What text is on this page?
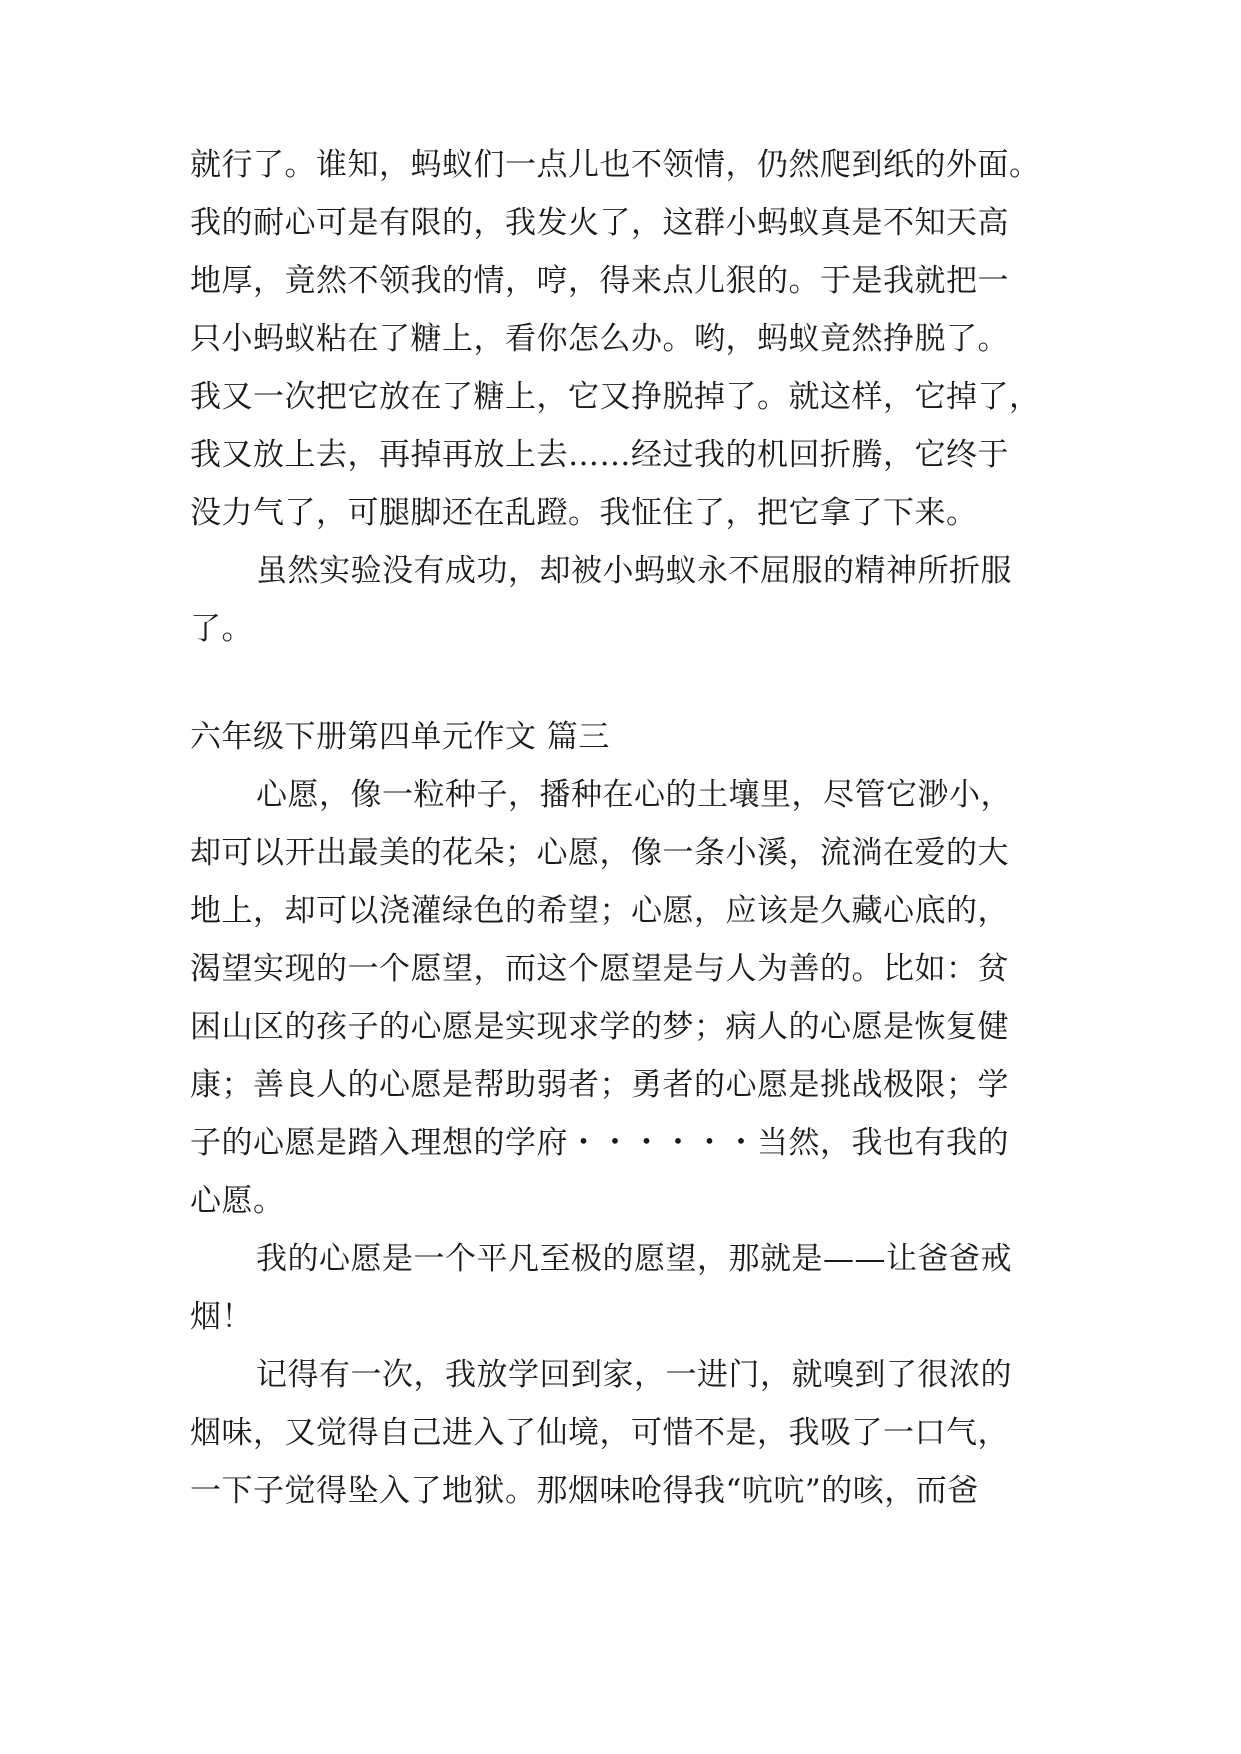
就行了。谁知，蚂蚁们一点儿也不领情，仍然爬到纸的外面。
我的耐心可是有限的，我发火了，这群小蚂蚁真是不知天高
地厚，竟然不领我的情，哼，得来点儿狠的。于是我就把一
只小蚂蚁粘在了糖上，看你怎么办。哟，蚂蚁竟然挣脱了。
我又一次把它放在了糖上，它又挣脱掉了。就这样，它掉了，
我又放上去，再掉再放上去……经过我的机回折腾，它终于
没力气了，可腿脚还在乱蹬。我怔住了，把它拿了下来。
虽然实验没有成功，却被小蚂蚁永不屈服的精神所折服
了。
六年级下册第四单元作文 篇三
心愿，像一粒种子，播种在心的土壤里，尽管它渺小，
却可以开出最美的花朵；心愿，像一条小溪，流淌在爱的大
地上，却可以浇灌绿色的希望；心愿，应该是久藏心底的，
渴望实现的一个愿望，而这个愿望是与人为善的。比如：贫
困山区的孩子的心愿是实现求学的梦；病人的心愿是恢复健
康；善良人的心愿是帮助弱者；勇者的心愿是挑战极限；学
子的心愿是踏入理想的学府・・・・・・当然，我也有我的
心愿。
我的心愿是一个平凡至极的愿望，那就是——让爸爸戒
烟！
记得有一次，我放学回到家，一进门，就嗅到了很浓的
烟味，又觉得自己进入了仙境，可惜不是，我吸了一口气，
一下子觉得坠入了地狱。那烟味呛得我“吭吭”的咳，而爸
